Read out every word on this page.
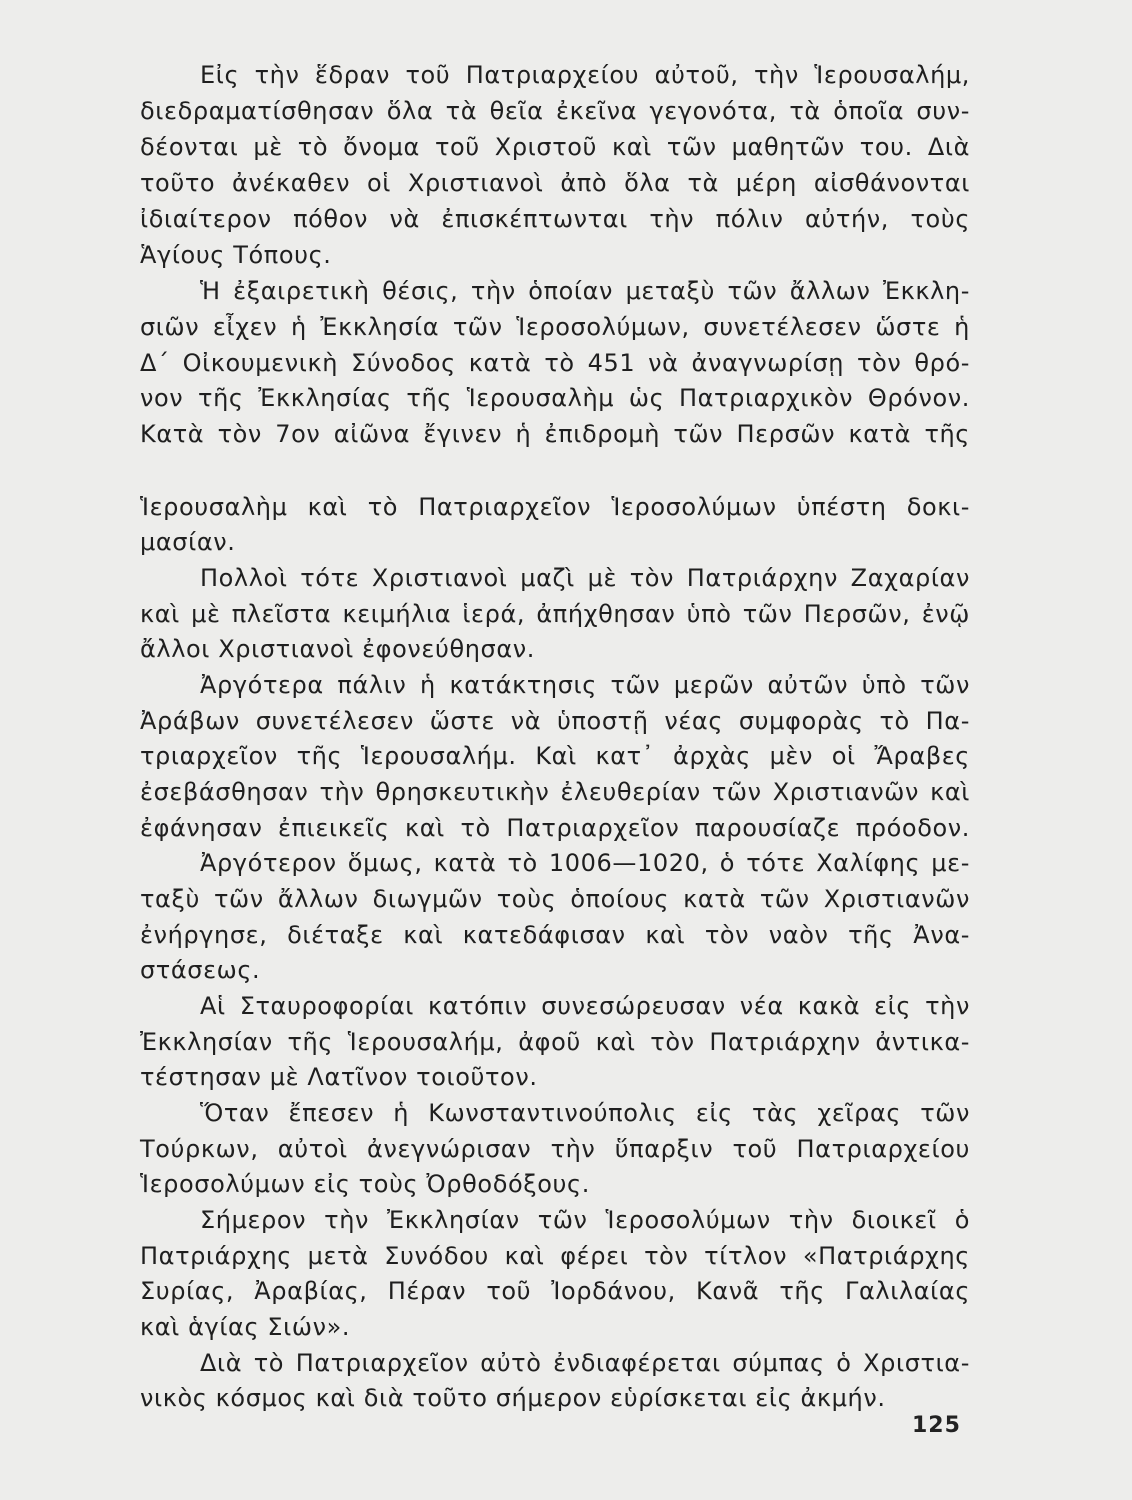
Εἰς τὴν ἕδραν τοῦ Πατριαρχείου αὐτοῦ, τὴν Ἱερουσαλήμ,
διεδραματίσθησαν ὅλα τὰ θεῖα ἐκεῖνα γεγονότα, τὰ ὁποῖα συν-
δέονται μὲ τὸ ὄνομα τοῦ Χριστοῦ καὶ τῶν μαθητῶν του. Διὰ
τοῦτο ἀνέκαθεν οἱ Χριστιανοὶ ἀπὸ ὅλα τὰ μέρη αἰσθάνονται
ἰδιαίτερον πόθον νὰ ἐπισκέπτωνται τὴν πόλιν αὐτήν, τοὺς
Ἁγίους Τόπους.
Ἡ ἐξαιρετικὴ θέσις, τὴν ὁποίαν μεταξὺ τῶν ἄλλων Ἐκκλη-
σιῶν εἶχεν ἡ Ἐκκλησία τῶν Ἱεροσολύμων, συνετέλεσεν ὥστε ἡ
Δ΄ Οἰκουμενικὴ Σύνοδος κατὰ τὸ 451 νὰ ἀναγνωρίσῃ τὸν θρό-
νον τῆς Ἐκκλησίας τῆς Ἱερουσαλὴμ ὡς Πατριαρχικὸν Θρόνον.
Κατὰ τὸν 7ον αἰῶνα ἔγινεν ἡ ἐπιδρομὴ τῶν Περσῶν κατὰ τῆς
Ἱερουσαλὴμ καὶ τὸ Πατριαρχεῖον Ἱεροσολύμων ὑπέστη δοκι-
μασίαν.
Πολλοὶ τότε Χριστιανοὶ μαζὶ μὲ τὸν Πατριάρχην Ζαχαρίαν
καὶ μὲ πλεῖστα κειμήλια ἱερά, ἀπήχθησαν ὑπὸ τῶν Περσῶν, ἐνῷ
ἄλλοι Χριστιανοὶ ἐφονεύθησαν.
Ἀργότερα πάλιν ἡ κατάκτησις τῶν μερῶν αὐτῶν ὑπὸ τῶν
Ἀράβων συνετέλεσεν ὥστε νὰ ὑποστῇ νέας συμφορὰς τὸ Πα-
τριαρχεῖον τῆς Ἱερουσαλήμ. Καὶ κατ᾽ ἀρχὰς μὲν οἱ Ἄραβες
ἐσεβάσθησαν τὴν θρησκευτικὴν ἐλευθερίαν τῶν Χριστιανῶν καὶ
ἐφάνησαν ἐπιεικεῖς καὶ τὸ Πατριαρχεῖον παρουσίαζε πρόοδον.
Ἀργότερον ὅμως, κατὰ τὸ 1006—1020, ὁ τότε Χαλίφης με-
ταξὺ τῶν ἄλλων διωγμῶν τοὺς ὁποίους κατὰ τῶν Χριστιανῶν
ἐνήργησε, διέταξε καὶ κατεδάφισαν καὶ τὸν ναὸν τῆς Ἀνα-
στάσεως.
Αἱ Σταυροφορίαι κατόπιν συνεσώρευσαν νέα κακὰ εἰς τὴν
Ἐκκλησίαν τῆς Ἱερουσαλήμ, ἀφοῦ καὶ τὸν Πατριάρχην ἀντικα-
τέστησαν μὲ Λατῖνον τοιοῦτον.
Ὅταν ἔπεσεν ἡ Κωνσταντινούπολις εἰς τὰς χεῖρας τῶν
Τούρκων, αὐτοὶ ἀνεγνώρισαν τὴν ὕπαρξιν τοῦ Πατριαρχείου
Ἱεροσολύμων εἰς τοὺς Ὀρθοδόξους.
Σήμερον τὴν Ἐκκλησίαν τῶν Ἱεροσολύμων τὴν διοικεῖ ὁ
Πατριάρχης μετὰ Συνόδου καὶ φέρει τὸν τίτλον «Πατριάρχης
Συρίας, Ἀραβίας, Πέραν τοῦ Ἰορδάνου, Κανᾶ τῆς Γαλιλαίας
καὶ ἁγίας Σιών».
Διὰ τὸ Πατριαρχεῖον αὐτὸ ἐνδιαφέρεται σύμπας ὁ Χριστια-
νικὸς κόσμος καὶ διὰ τοῦτο σήμερον εὑρίσκεται εἰς ἀκμήν.
125
